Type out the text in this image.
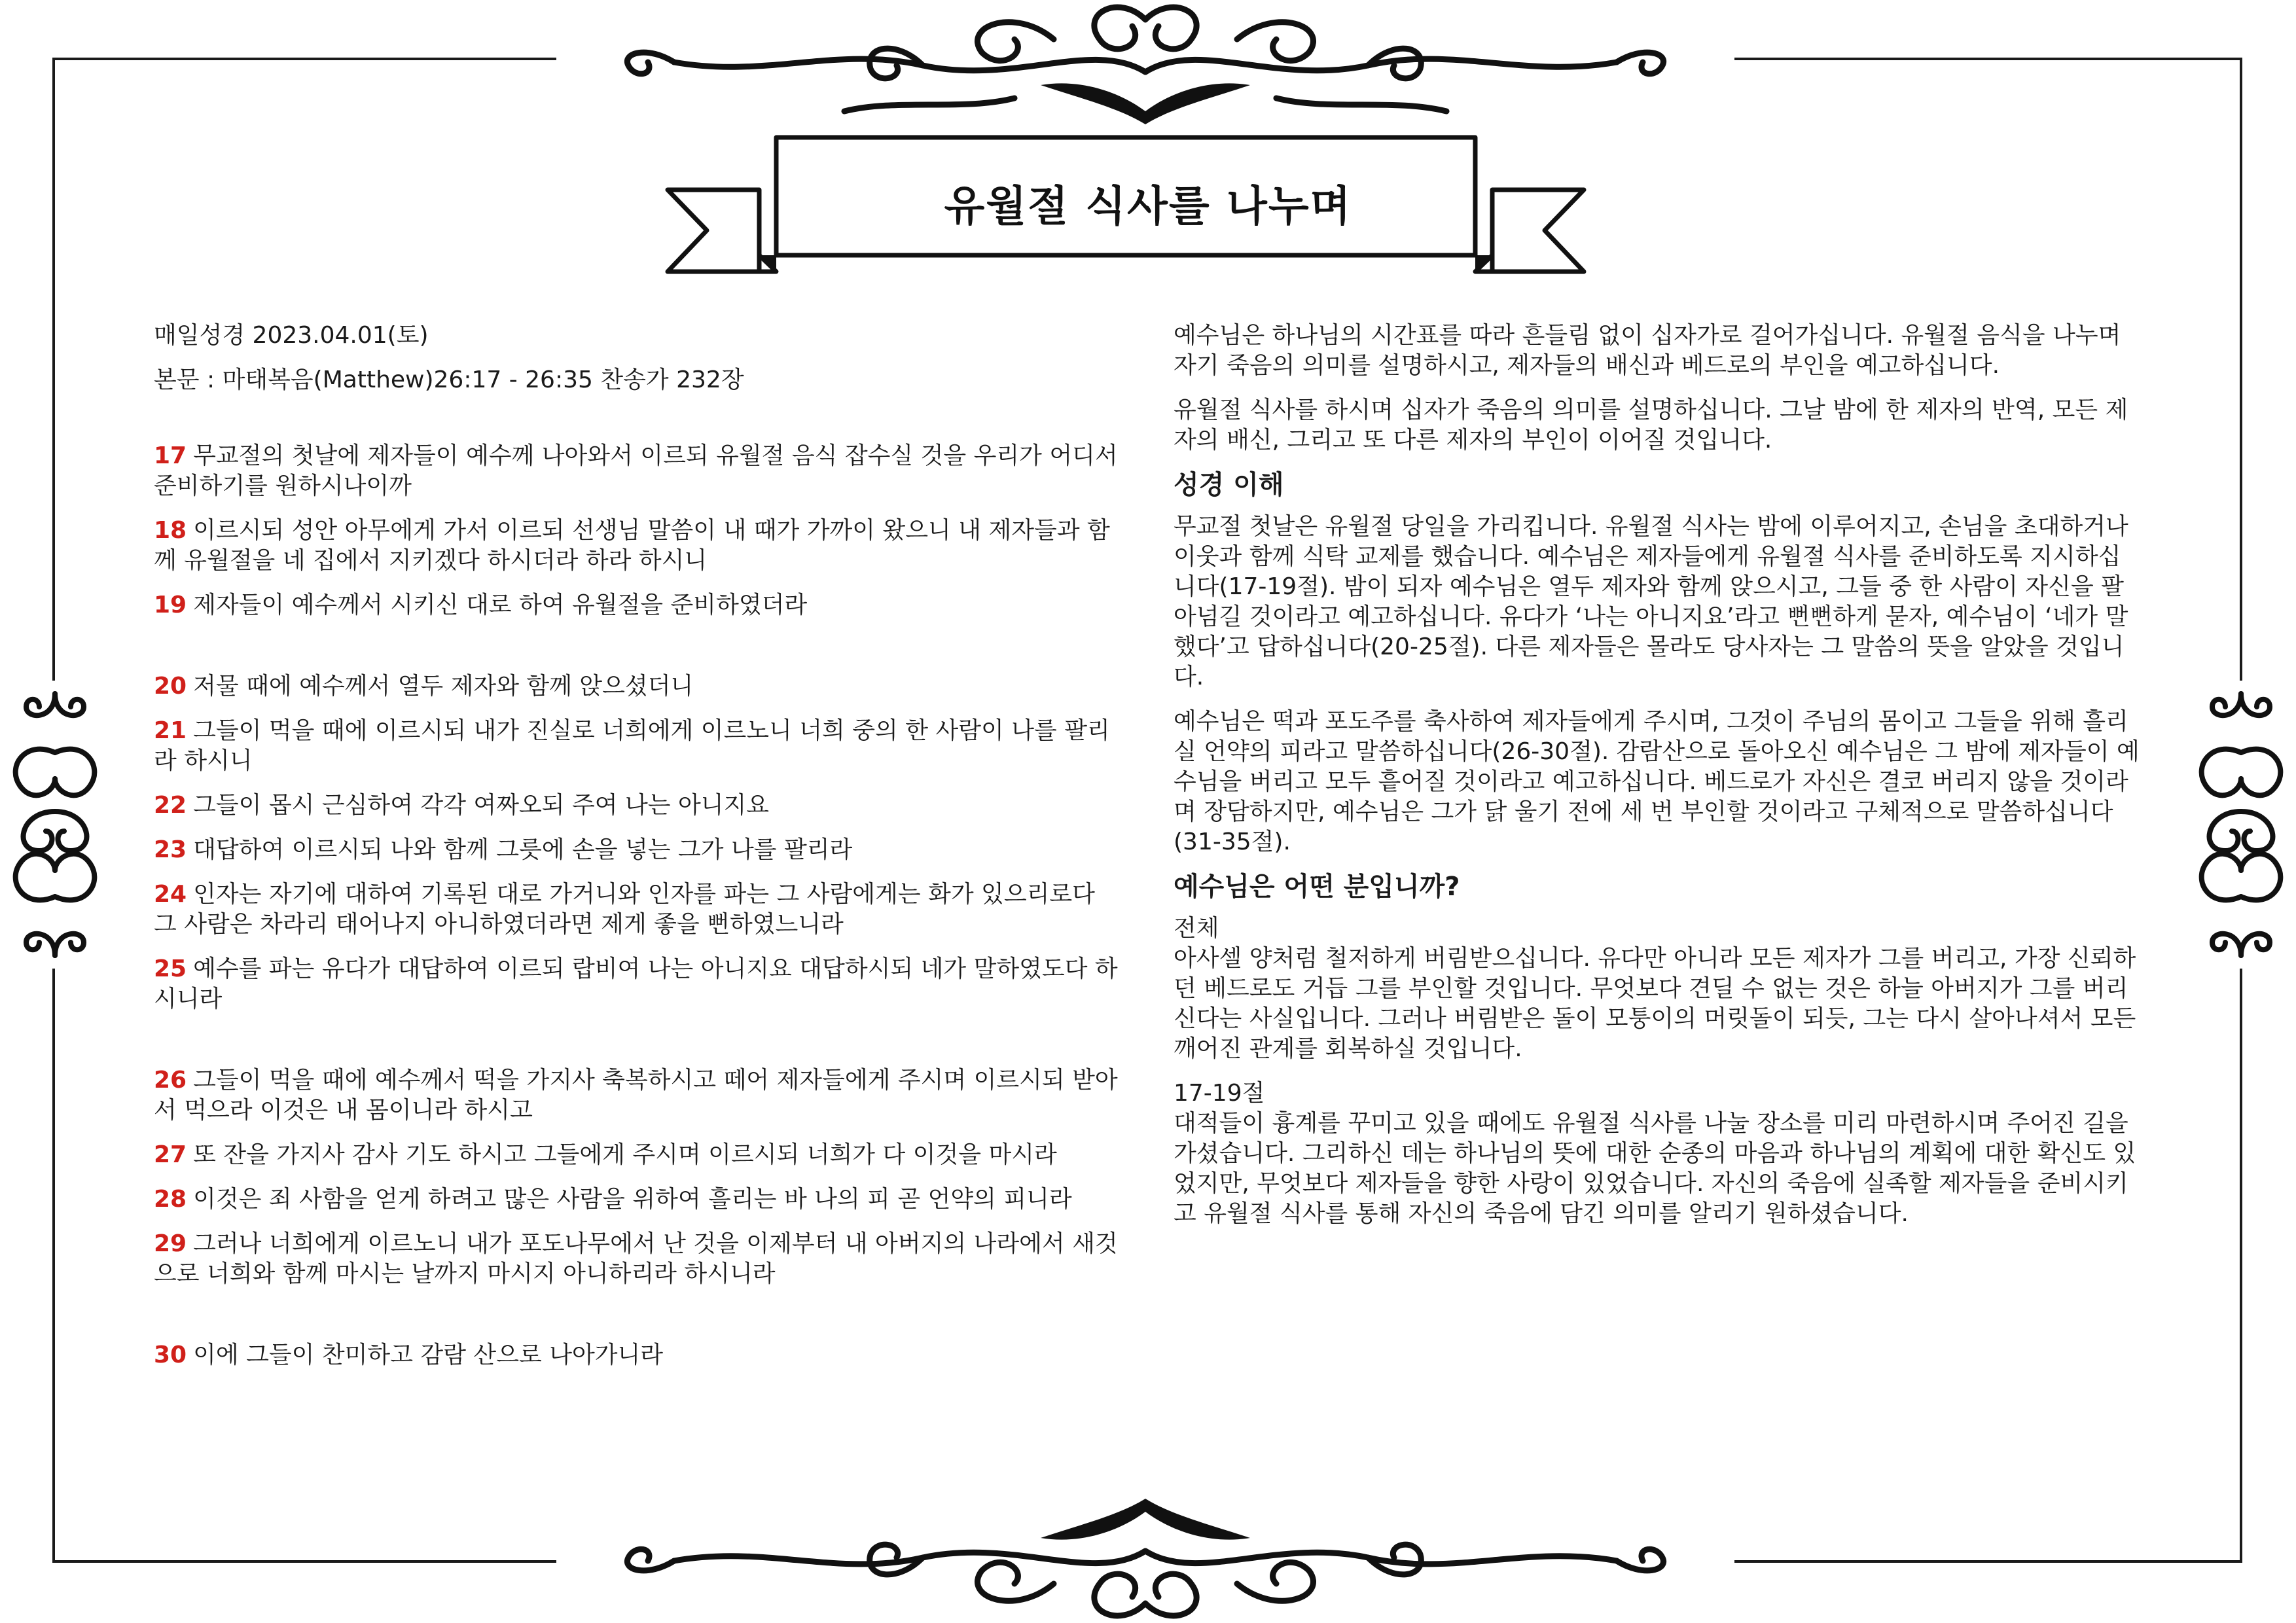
유월절 식사를 나누며

매일성경 2023.04.01(토)

본문 : 마태복음(Matthew)26:17 - 26:35 찬송가 232장

17 무교절의 첫날에 제자들이 예수께 나아와서 이르되 유월절 음식 잡수실 것을 우리가 어디서 준비하기를 원하시나이까

18 이르시되 성안 아무에게 가서 이르되 선생님 말씀이 내 때가 가까이 왔으니 내 제자들과 함께 유월절을 네 집에서 지키겠다 하시더라 하라 하시니

19 제자들이 예수께서 시키신 대로 하여 유월절을 준비하였더라

20 저물 때에 예수께서 열두 제자와 함께 앉으셨더니

21 그들이 먹을 때에 이르시되 내가 진실로 너희에게 이르노니 너희 중의 한 사람이 나를 팔리라 하시니

22 그들이 몹시 근심하여 각각 여짜오되 주여 나는 아니지요

23 대답하여 이르시되 나와 함께 그릇에 손을 넣는 그가 나를 팔리라

24 인자는 자기에 대하여 기록된 대로 가거니와 인자를 파는 그 사람에게는 화가 있으리로다 그 사람은 차라리 태어나지 아니하였더라면 제게 좋을 뻔하였느니라

25 예수를 파는 유다가 대답하여 이르되 랍비여 나는 아니지요 대답하시되 네가 말하였도다 하시니라

26 그들이 먹을 때에 예수께서 떡을 가지사 축복하시고 떼어 제자들에게 주시며 이르시되 받아서 먹으라 이것은 내 몸이니라 하시고

27 또 잔을 가지사 감사 기도 하시고 그들에게 주시며 이르시되 너희가 다 이것을 마시라

28 이것은 죄 사함을 얻게 하려고 많은 사람을 위하여 흘리는 바 나의 피 곧 언약의 피니라

29 그러나 너희에게 이르노니 내가 포도나무에서 난 것을 이제부터 내 아버지의 나라에서 새것으로 너희와 함께 마시는 날까지 마시지 아니하리라 하시니라

30 이에 그들이 찬미하고 감람 산으로 나아가니라

예수님은 하나님의 시간표를 따라 흔들림 없이 십자가로 걸어가십니다. 유월절 음식을 나누며 자기 죽음의 의미를 설명하시고, 제자들의 배신과 베드로의 부인을 예고하십니다.

유월절 식사를 하시며 십자가 죽음의 의미를 설명하십니다. 그날 밤에 한 제자의 반역, 모든 제자의 배신, 그리고 또 다른 제자의 부인이 이어질 것입니다.

성경 이해

무교절 첫날은 유월절 당일을 가리킵니다. 유월절 식사는 밤에 이루어지고, 손님을 초대하거나 이웃과 함께 식탁 교제를 했습니다. 예수님은 제자들에게 유월절 식사를 준비하도록 지시하십니다(17-19절). 밤이 되자 예수님은 열두 제자와 함께 앉으시고, 그들 중 한 사람이 자신을 팔아넘길 것이라고 예고하십니다. 유다가 ‘나는 아니지요’라고 뻔뻔하게 묻자, 예수님이 ‘네가 말했다’고 답하십니다(20-25절). 다른 제자들은 몰라도 당사자는 그 말씀의 뜻을 알았을 것입니다.

예수님은 떡과 포도주를 축사하여 제자들에게 주시며, 그것이 주님의 몸이고 그들을 위해 흘리실 언약의 피라고 말씀하십니다(26-30절). 감람산으로 돌아오신 예수님은 그 밤에 제자들이 예수님을 버리고 모두 흩어질 것이라고 예고하십니다. 베드로가 자신은 결코 버리지 않을 것이라며 장담하지만, 예수님은 그가 닭 울기 전에 세 번 부인할 것이라고 구체적으로 말씀하십니다(31-35절).

예수님은 어떤 분입니까?

전체

아사셀 양처럼 철저하게 버림받으십니다. 유다만 아니라 모든 제자가 그를 버리고, 가장 신뢰하던 베드로도 거듭 그를 부인할 것입니다. 무엇보다 견딜 수 없는 것은 하늘 아버지가 그를 버리신다는 사실입니다. 그러나 버림받은 돌이 모퉁이의 머릿돌이 되듯, 그는 다시 살아나셔서 모든 깨어진 관계를 회복하실 것입니다.

17-19절

대적들이 흉계를 꾸미고 있을 때에도 유월절 식사를 나눌 장소를 미리 마련하시며 주어진 길을 가셨습니다. 그리하신 데는 하나님의 뜻에 대한 순종의 마음과 하나님의 계획에 대한 확신도 있었지만, 무엇보다 제자들을 향한 사랑이 있었습니다. 자신의 죽음에 실족할 제자들을 준비시키고 유월절 식사를 통해 자신의 죽음에 담긴 의미를 알리기 원하셨습니다.
